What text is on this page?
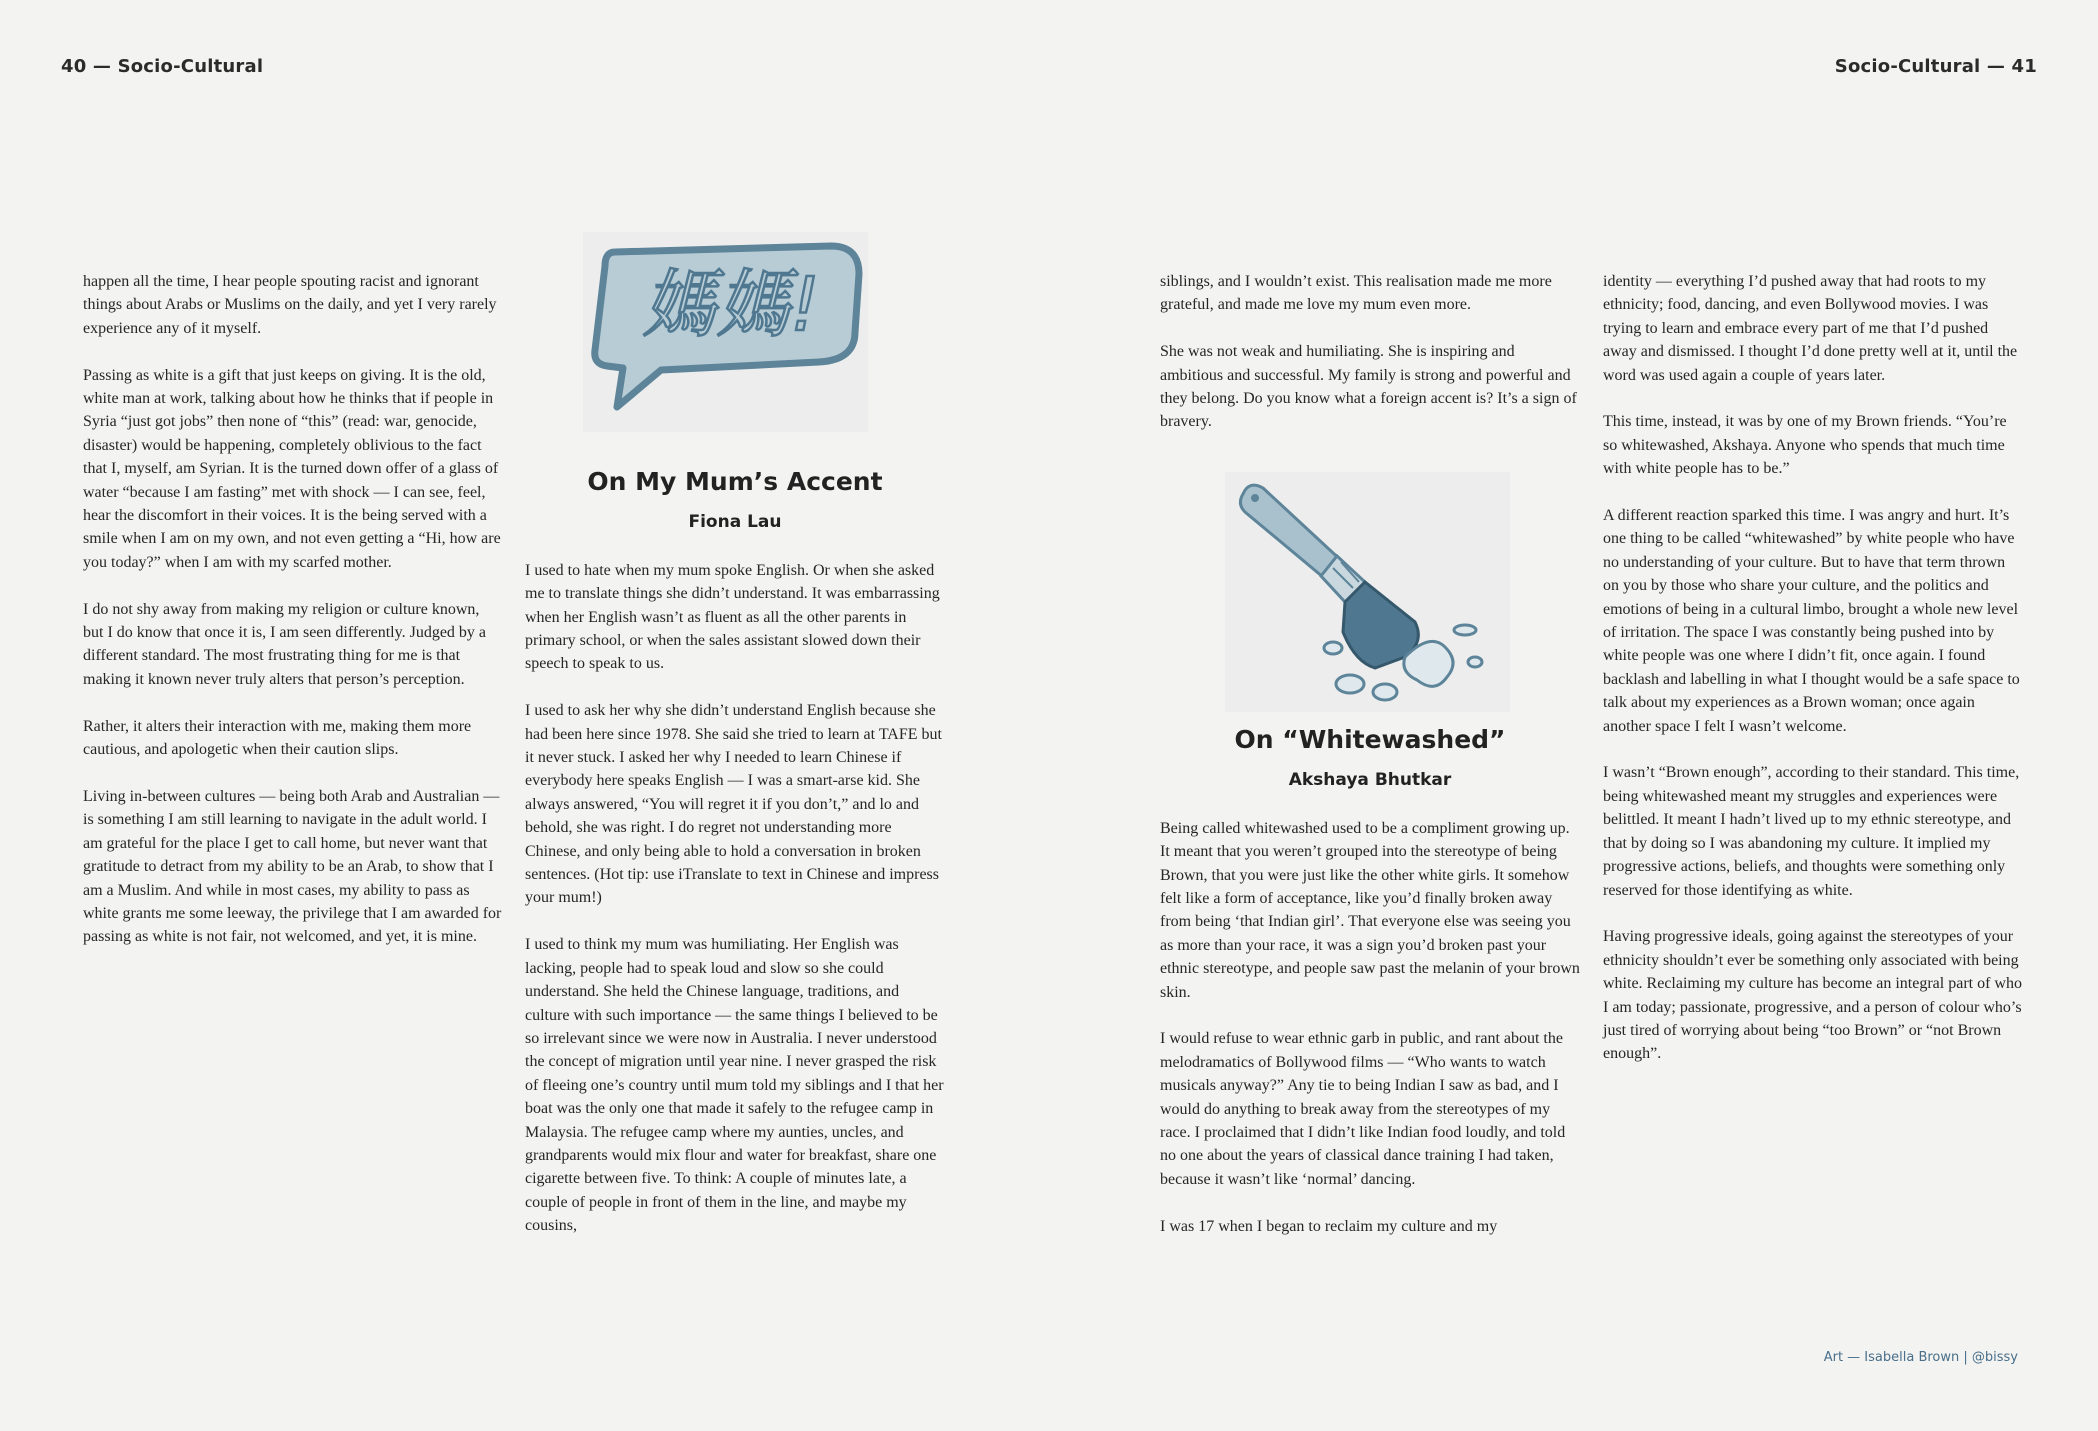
40 — Socio-Cultural	Socio-Cultural — 41

happen all the time, I hear people spouting racist and ignorant things about Arabs or Muslims on the daily, and yet I very rarely experience any of it myself.

Passing as white is a gift that just keeps on giving. It is the old, white man at work, talking about how he thinks that if people in Syria “just got jobs” then none of “this” (read: war, genocide, disaster) would be happening, completely oblivious to the fact that I, myself, am Syrian. It is the turned down offer of a glass of water “because I am fasting” met with shock — I can see, feel, hear the discomfort in their voices. It is the being served with a smile when I am on my own, and not even getting a “Hi, how are you today?” when I am with my scarfed mother.

I do not shy away from making my religion or culture known, but I do know that once it is, I am seen differently. Judged by a different standard. The most frustrating thing for me is that making it known never truly alters that person’s perception.

Rather, it alters their interaction with me, making them more cautious, and apologetic when their caution slips.

Living in-between cultures — being both Arab and Australian — is something I am still learning to navigate in the adult world. I am grateful for the place I get to call home, but never want that gratitude to detract from my ability to be an Arab, to show that I am a Muslim. And while in most cases, my ability to pass as white grants me some leeway, the privilege that I am awarded for passing as white is not fair, not welcomed, and yet, it is mine.

媽媽!
On My Mum’s Accent
Fiona Lau

I used to hate when my mum spoke English. Or when she asked me to translate things she didn’t understand. It was embarrassing when her English wasn’t as fluent as all the other parents in primary school, or when the sales assistant slowed down their speech to speak to us.

I used to ask her why she didn’t understand English because she had been here since 1978. She said she tried to learn at TAFE but it never stuck. I asked her why I needed to learn Chinese if everybody here speaks English — I was a smart-arse kid. She always answered, “You will regret it if you don’t,” and lo and behold, she was right. I do regret not understanding more Chinese, and only being able to hold a conversation in broken sentences. (Hot tip: use iTranslate to text in Chinese and impress your mum!)

I used to think my mum was humiliating. Her English was lacking, people had to speak loud and slow so she could understand. She held the Chinese language, traditions, and culture with such importance — the same things I believed to be so irrelevant since we were now in Australia. I never understood the concept of migration until year nine. I never grasped the risk of fleeing one’s country until mum told my siblings and I that her boat was the only one that made it safely to the refugee camp in Malaysia. The refugee camp where my aunties, uncles, and grandparents would mix flour and water for breakfast, share one cigarette between five. To think: A couple of minutes late, a couple of people in front of them in the line, and maybe my cousins,

siblings, and I wouldn’t exist. This realisation made me more grateful, and made me love my mum even more.

She was not weak and humiliating. She is inspiring and ambitious and successful. My family is strong and powerful and they belong. Do you know what a foreign accent is? It’s a sign of bravery.

On “Whitewashed”
Akshaya Bhutkar

Being called whitewashed used to be a compliment growing up. It meant that you weren’t grouped into the stereotype of being Brown, that you were just like the other white girls. It somehow felt like a form of acceptance, like you’d finally broken away from being ‘that Indian girl’. That everyone else was seeing you as more than your race, it was a sign you’d broken past your ethnic stereotype, and people saw past the melanin of your brown skin.

I would refuse to wear ethnic garb in public, and rant about the melodramatics of Bollywood films — “Who wants to watch musicals anyway?” Any tie to being Indian I saw as bad, and I would do anything to break away from the stereotypes of my race. I proclaimed that I didn’t like Indian food loudly, and told no one about the years of classical dance training I had taken, because it wasn’t like ‘normal’ dancing.

I was 17 when I began to reclaim my culture and my

identity — everything I’d pushed away that had roots to my ethnicity; food, dancing, and even Bollywood movies. I was trying to learn and embrace every part of me that I’d pushed away and dismissed. I thought I’d done pretty well at it, until the word was used again a couple of years later.

This time, instead, it was by one of my Brown friends. “You’re so whitewashed, Akshaya. Anyone who spends that much time with white people has to be.”

A different reaction sparked this time. I was angry and hurt. It’s one thing to be called “whitewashed” by white people who have no understanding of your culture. But to have that term thrown on you by those who share your culture, and the politics and emotions of being in a cultural limbo, brought a whole new level of irritation. The space I was constantly being pushed into by white people was one where I didn’t fit, once again. I found backlash and labelling in what I thought would be a safe space to talk about my experiences as a Brown woman; once again another space I felt I wasn’t welcome.

I wasn’t “Brown enough”, according to their standard. This time, being whitewashed meant my struggles and experiences were belittled. It meant I hadn’t lived up to my ethnic stereotype, and that by doing so I was abandoning my culture. It implied my progressive actions, beliefs, and thoughts were something only reserved for those identifying as white.

Having progressive ideals, going against the stereotypes of your ethnicity shouldn’t ever be something only associated with being white. Reclaiming my culture has become an integral part of who I am today; passionate, progressive, and a person of colour who’s just tired of worrying about being “too Brown” or “not Brown enough”.

Art — Isabella Brown | @bissy
